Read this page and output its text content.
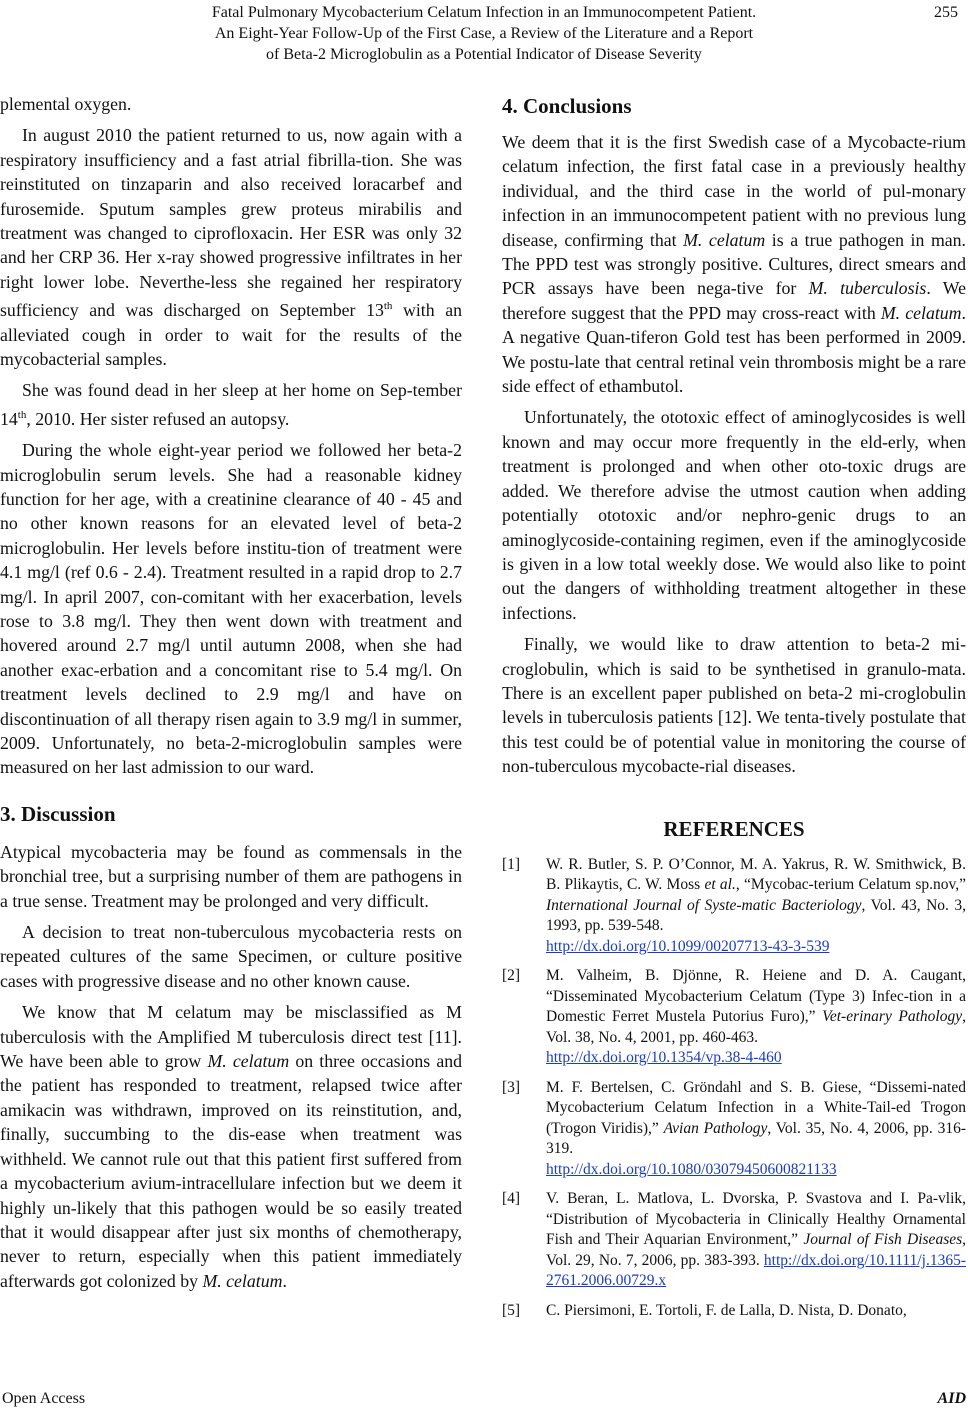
Fatal Pulmonary Mycobacterium Celatum Infection in an Immunocompetent Patient.
An Eight-Year Follow-Up of the First Case, a Review of the Literature and a Report
of Beta-2 Microglobulin as a Potential Indicator of Disease Severity
255

plemental oxygen.

In august 2010 the patient returned to us, now again with a respiratory insufficiency and a fast atrial fibrilla-tion. She was reinstituted on tinzaparin and also received loracarbef and furosemide. Sputum samples grew proteus mirabilis and treatment was changed to ciprofloxacin. Her ESR was only 32 and her CRP 36. Her x-ray showed progressive infiltrates in her right lower lobe. Neverthe-less she regained her respiratory sufficiency and was discharged on September 13th with an alleviated cough in order to wait for the results of the mycobacterial samples.

She was found dead in her sleep at her home on Sep-tember 14th, 2010. Her sister refused an autopsy.

During the whole eight-year period we followed her beta-2 microglobulin serum levels. She had a reasonable kidney function for her age, with a creatinine clearance of 40 - 45 and no other known reasons for an elevated level of beta-2 microglobulin. Her levels before institu-tion of treatment were 4.1 mg/l (ref 0.6 - 2.4). Treatment resulted in a rapid drop to 2.7 mg/l. In april 2007, con-comitant with her exacerbation, levels rose to 3.8 mg/l. They then went down with treatment and hovered around 2.7 mg/l until autumn 2008, when she had another exac-erbation and a concomitant rise to 5.4 mg/l. On treatment levels declined to 2.9 mg/l and have on discontinuation of all therapy risen again to 3.9 mg/l in summer, 2009. Unfortunately, no beta-2-microglobulin samples were measured on her last admission to our ward.

3. Discussion

Atypical mycobacteria may be found as commensals in the bronchial tree, but a surprising number of them are pathogens in a true sense. Treatment may be prolonged and very difficult.

A decision to treat non-tuberculous mycobacteria rests on repeated cultures of the same Specimen, or culture positive cases with progressive disease and no other known cause.

We know that M celatum may be misclassified as M tuberculosis with the Amplified M tuberculosis direct test [11]. We have been able to grow M. celatum on three occasions and the patient has responded to treatment, relapsed twice after amikacin was withdrawn, improved on its reinstitution, and, finally, succumbing to the dis-ease when treatment was withheld. We cannot rule out that this patient first suffered from a mycobacterium avium-intracellulare infection but we deem it highly un-likely that this pathogen would be so easily treated that it would disappear after just six months of chemotherapy, never to return, especially when this patient immediately afterwards got colonized by M. celatum.

4. Conclusions

We deem that it is the first Swedish case of a Mycobacte-rium celatum infection, the first fatal case in a previously healthy individual, and the third case in the world of pul-monary infection in an immunocompetent patient with no previous lung disease, confirming that M. celatum is a true pathogen in man. The PPD test was strongly positive. Cultures, direct smears and PCR assays have been nega-tive for M. tuberculosis. We therefore suggest that the PPD may cross-react with M. celatum. A negative Quan-tiferon Gold test has been performed in 2009. We postu-late that central retinal vein thrombosis might be a rare side effect of ethambutol.

Unfortunately, the ototoxic effect of aminoglycosides is well known and may occur more frequently in the eld-erly, when treatment is prolonged and when other oto-toxic drugs are added. We therefore advise the utmost caution when adding potentially ototoxic and/or nephro-genic drugs to an aminoglycoside-containing regimen, even if the aminoglycoside is given in a low total weekly dose. We would also like to point out the dangers of withholding treatment altogether in these infections.

Finally, we would like to draw attention to beta-2 mi-croglobulin, which is said to be synthetised in granulo-mata. There is an excellent paper published on beta-2 mi-croglobulin levels in tuberculosis patients [12]. We tenta-tively postulate that this test could be of potential value in monitoring the course of non-tuberculous mycobacte-rial diseases.

REFERENCES
[1]	W. R. Butler, S. P. O’Connor, M. A. Yakrus, R. W. Smithwick, B. B. Plikaytis, C. W. Moss et al., “Mycobac-terium Celatum sp.nov,” International Journal of Syste-matic Bacteriology, Vol. 43, No. 3, 1993, pp. 539-548.
http://dx.doi.org/10.1099/00207713-43-3-539
[2]	M. Valheim, B. Djönne, R. Heiene and D. A. Caugant, “Disseminated Mycobacterium Celatum (Type 3) Infec-tion in a Domestic Ferret Mustela Putorius Furo),” Vet-erinary Pathology, Vol. 38, No. 4, 2001, pp. 460-463.
http://dx.doi.org/10.1354/vp.38-4-460
[3]	M. F. Bertelsen, C. Gröndahl and S. B. Giese, “Dissemi-nated Mycobacterium Celatum Infection in a White-Tail-ed Trogon (Trogon Viridis),” Avian Pathology, Vol. 35, No. 4, 2006, pp. 316-319.
http://dx.doi.org/10.1080/03079450600821133
[4]	V. Beran, L. Matlova, L. Dvorska, P. Svastova and I. Pa-vlik, “Distribution of Mycobacteria in Clinically Healthy Ornamental Fish and Their Aquarian Environment,” Journal of Fish Diseases, Vol. 29, No. 7, 2006, pp. 383-393. http://dx.doi.org/10.1111/j.1365-2761.2006.00729.x
[5]	C. Piersimoni, E. Tortoli, F. de Lalla, D. Nista, D. Donato,
Open Access	AID
